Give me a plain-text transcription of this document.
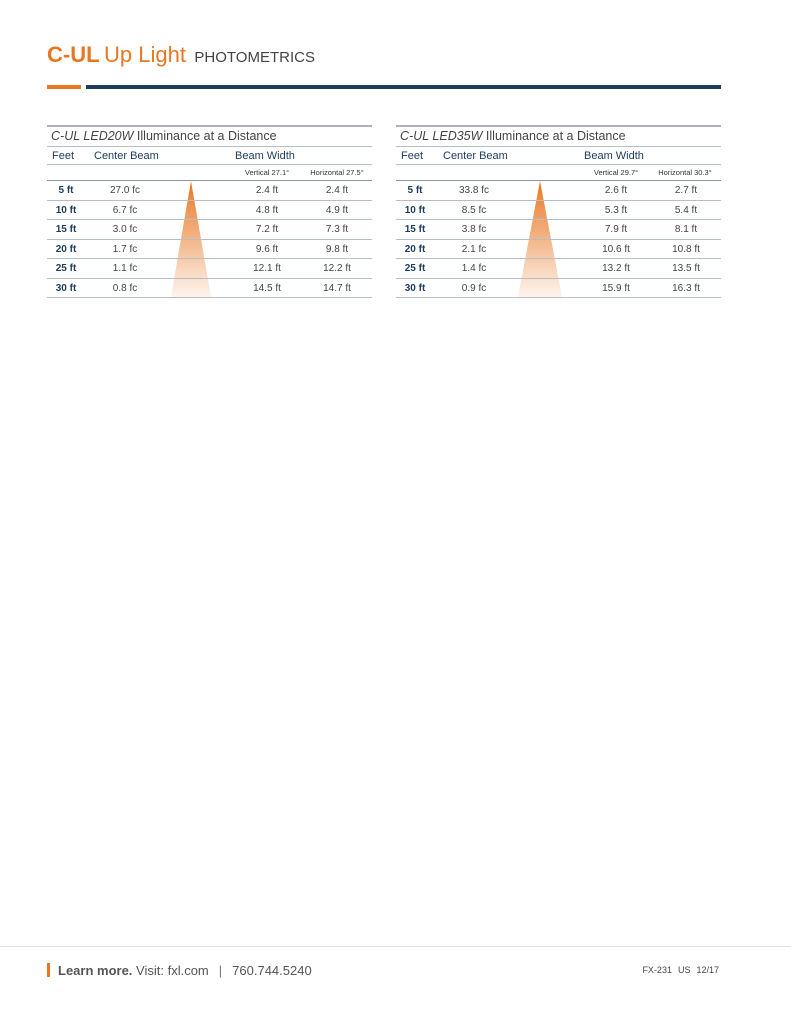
C-UL Up Light PHOTOMETRICS
C-UL LED20W Illuminance at a Distance
Feet Center Beam	Beam Width
Vertical 27.1°	Horizontal 27.5°
5 ft	27.0 fc	2.4 ft	2.4 ft
10 ft	6.7 fc	4.8 ft	4.9 ft
15 ft	3.0 fc	7.2 ft	7.3 ft
20 ft	1.7 fc	9.6 ft	9.8 ft
25 ft	1.1 fc	12.1 ft	12.2 ft
30 ft	0.8 fc	14.5 ft	14.7 ft
C-UL LED35W Illuminance at a Distance
Feet Center Beam	Beam Width
Vertical 29.7°	Horizontal 30.3°
5 ft	33.8 fc	2.6 ft	2.7 ft
10 ft	8.5 fc	5.3 ft	5.4 ft
15 ft	3.8 fc	7.9 ft	8.1 ft
20 ft	2.1 fc	10.6 ft	10.8 ft
25 ft	1.4 fc	13.2 ft	13.5 ft
30 ft	0.9 fc	15.9 ft	16.3 ft
Learn more. Visit: fxl.com | 760.744.5240	FX-231 US 12/17
